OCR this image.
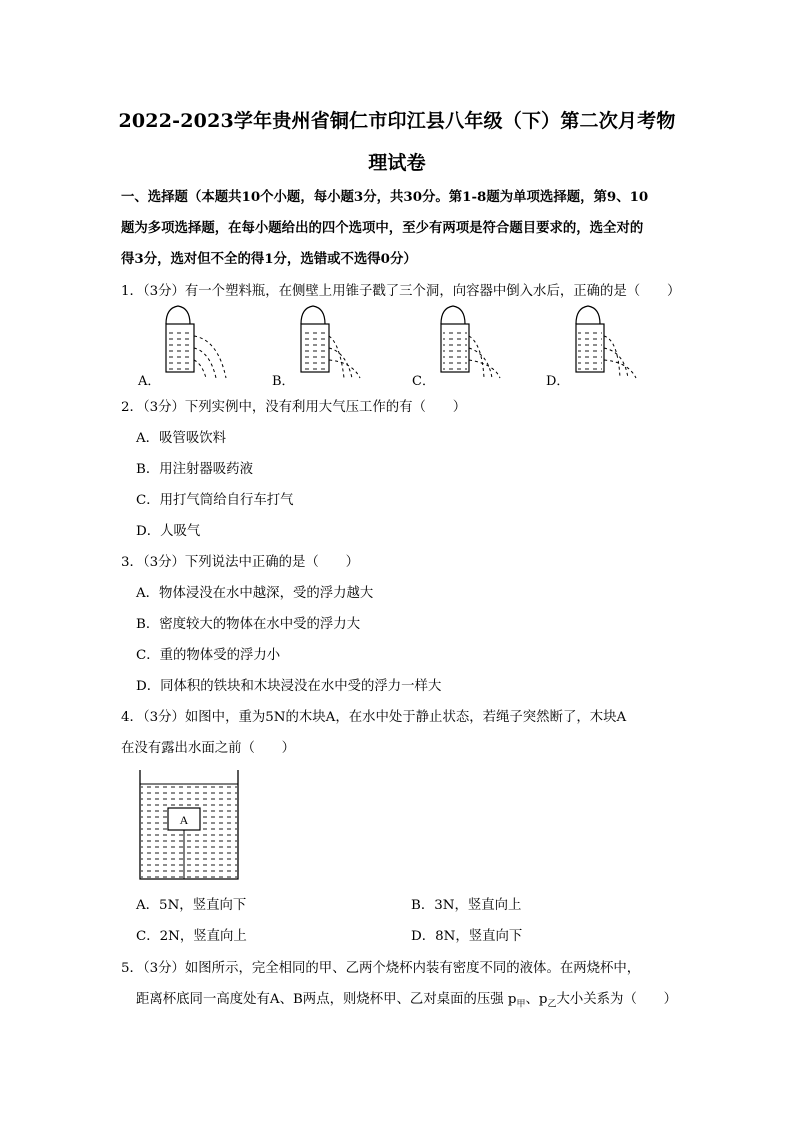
2022-2023学年贵州省铜仁市印江县八年级（下）第二次月考物
理试卷
一、选择题（本题共10个小题，每小题3分，共30分。第1-8题为单项选择题，第9、10
题为多项选择题，在每小题给出的四个选项中，至少有两项是符合题目要求的，选全对的
得3分，选对但不全的得1分，选错或不选得0分）
1．（3分）有一个塑料瓶，在侧壁上用锥子戳了三个洞，向容器中倒入水后，正确的是（　　）
A．	B．	C．	D．
2．（3分）下列实例中，没有利用大气压工作的有（　　）
A．吸管吸饮料
B．用注射器吸药液
C．用打气筒给自行车打气
D．人吸气
3．（3分）下列说法中正确的是（　　）
A．物体浸没在水中越深，受的浮力越大
B．密度较大的物体在水中受的浮力大
C．重的物体受的浮力小
D．同体积的铁块和木块浸没在水中受的浮力一样大
4．（3分）如图中，重为5N的木块A，在水中处于静止状态，若绳子突然断了，木块A
在没有露出水面之前（　　）
A
A．5N，竖直向下	B．3N，竖直向上
C．2N，竖直向上	D．8N，竖直向下
5．（3分）如图所示，完全相同的甲、乙两个烧杯内装有密度不同的液体。在两烧杯中，
距离杯底同一高度处有A、B两点，则烧杯甲、乙对桌面的压强 $p_甲$、$p_乙$大小关系为（　　）
